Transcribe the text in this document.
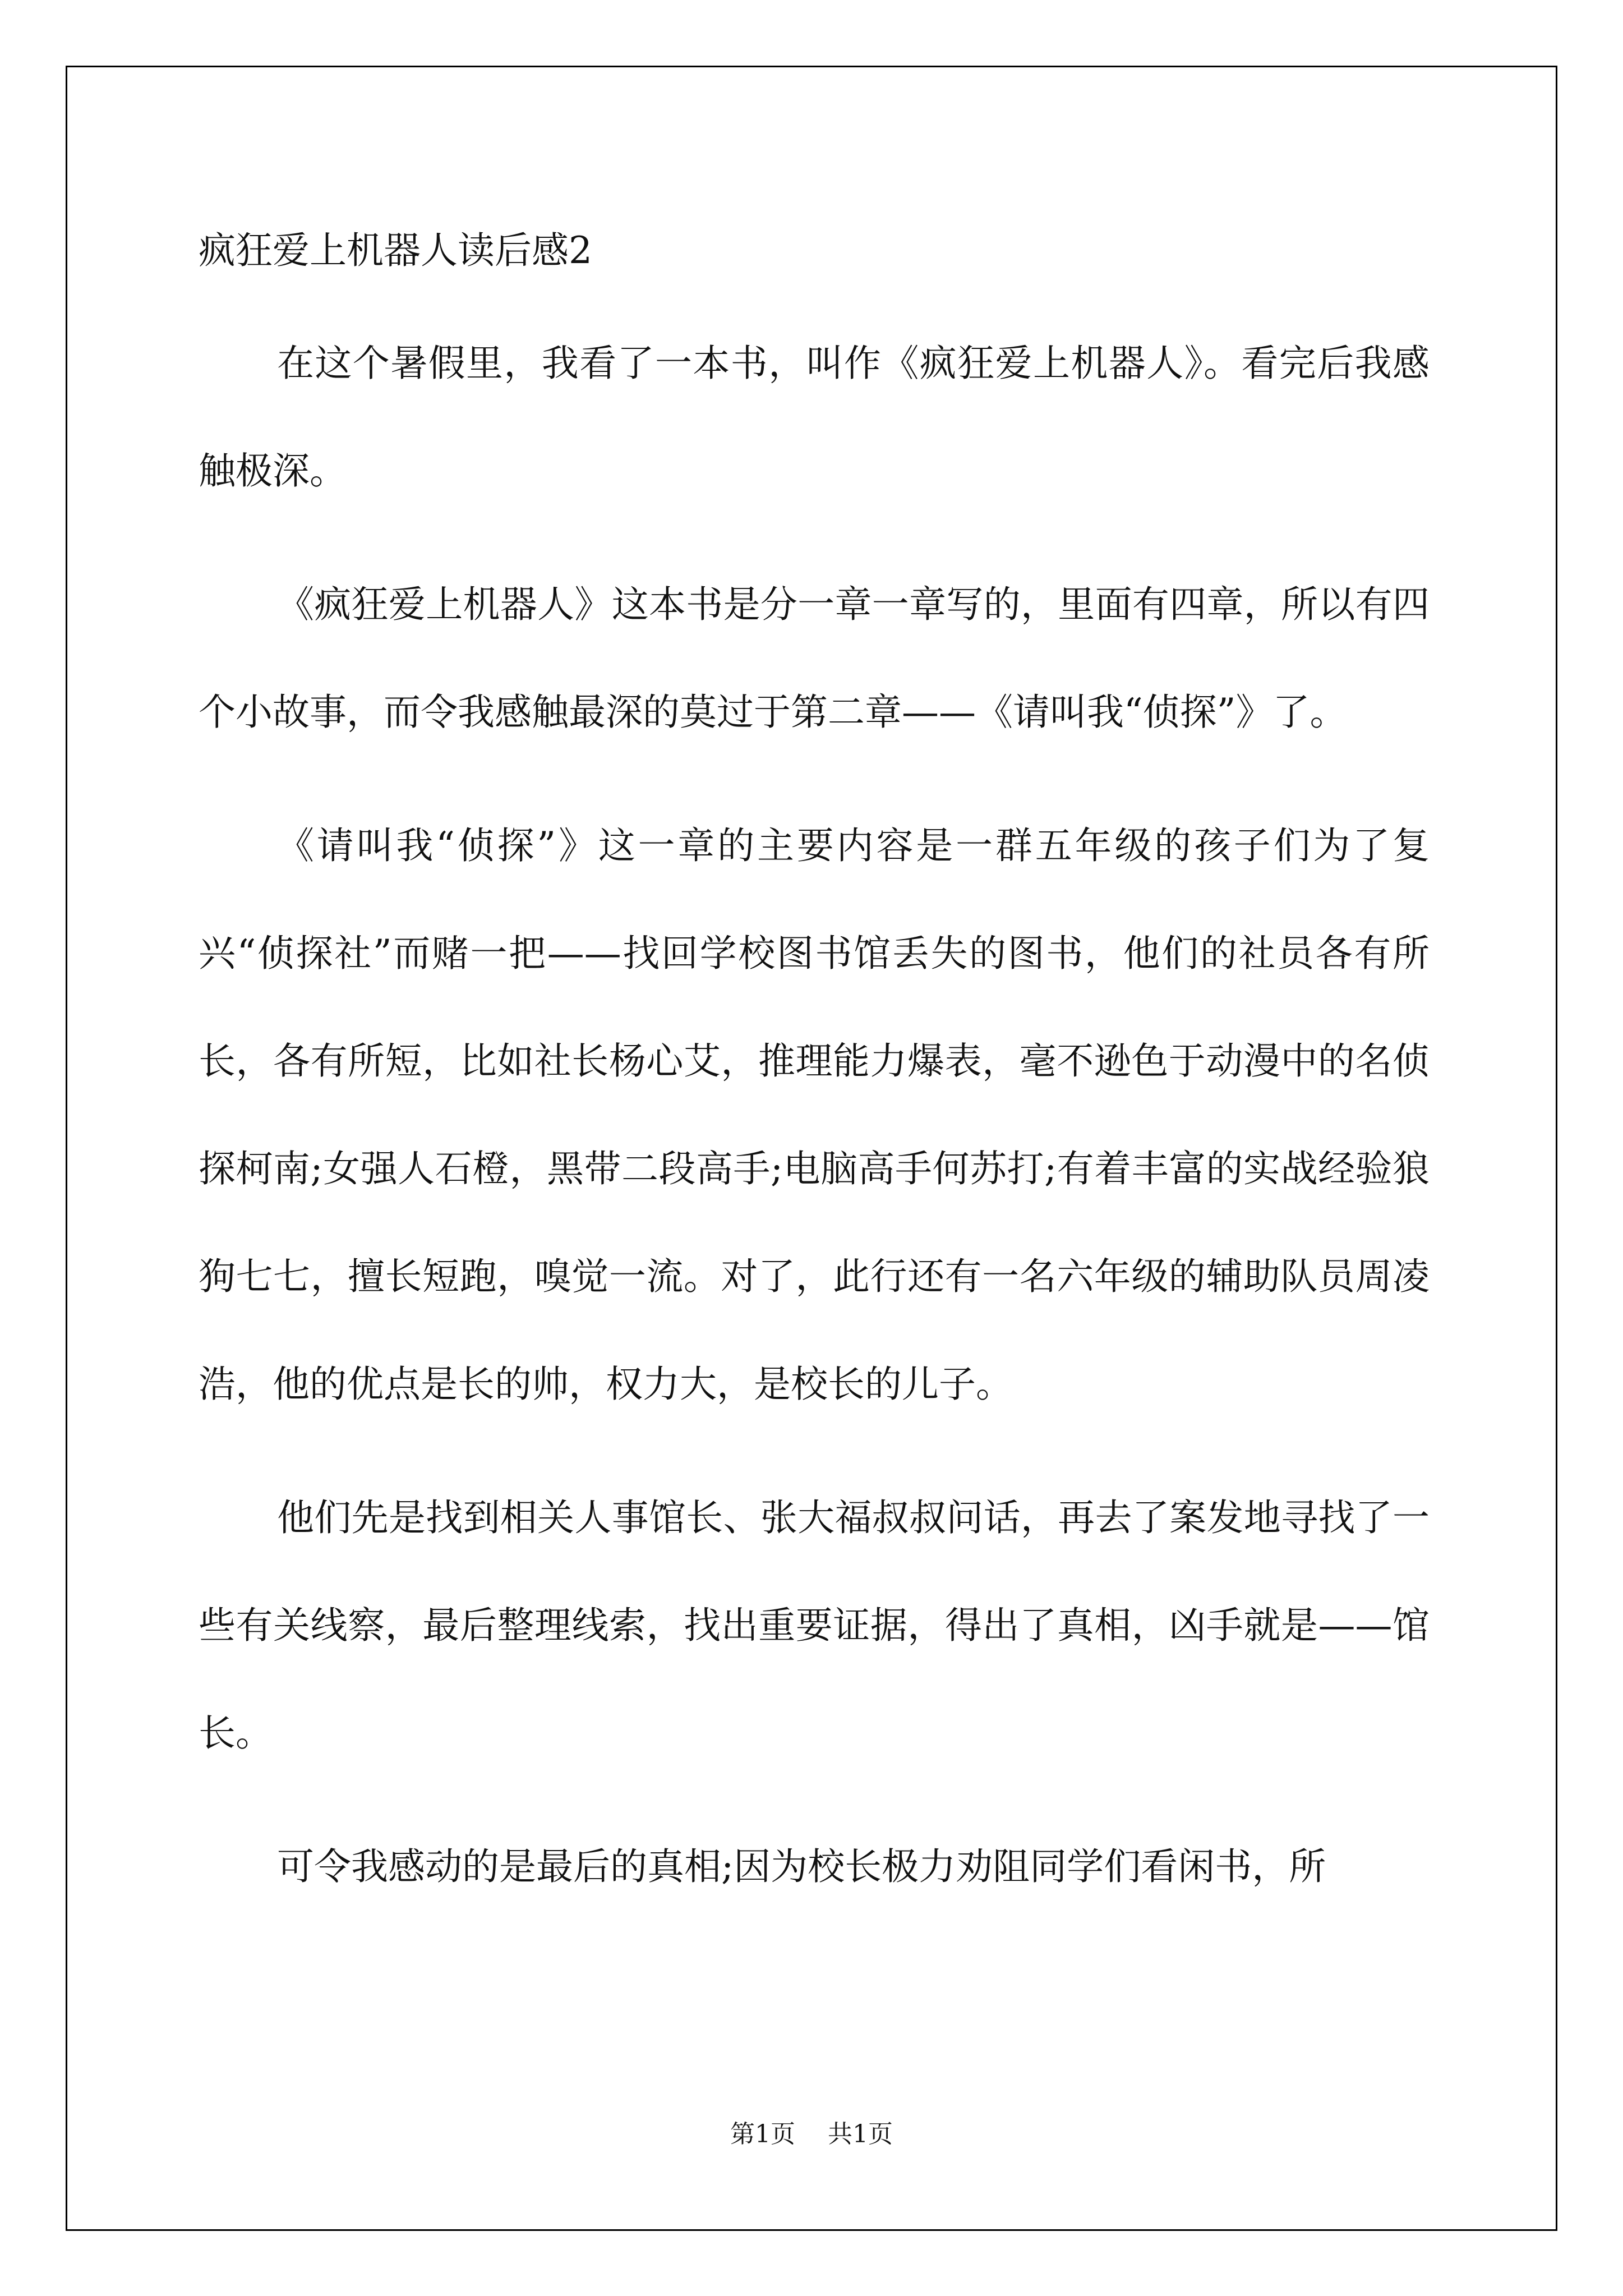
疯狂爱上机器人读后感2

在这个暑假里，我看了一本书，叫作《疯狂爱上机器人》。看完后我感触极深。

《疯狂爱上机器人》这本书是分一章一章写的，里面有四章，所以有四个小故事，而令我感触最深的莫过于第二章——《请叫我“侦探”》了。

《请叫我“侦探”》这一章的主要内容是一群五年级的孩子们为了复兴“侦探社”而赌一把——找回学校图书馆丢失的图书，他们的社员各有所长，各有所短，比如社长杨心艾，推理能力爆表，毫不逊色于动漫中的名侦探柯南;女强人石橙，黑带二段高手;电脑高手何苏打;有着丰富的实战经验狼狗七七，擅长短跑，嗅觉一流。对了，此行还有一名六年级的辅助队员周凌浩，他的优点是长的帅，权力大，是校长的儿子。

他们先是找到相关人事馆长、张大福叔叔问话，再去了案发地寻找了一些有关线察，最后整理线索，找出重要证据，得出了真相，凶手就是——馆长。

可令我感动的是最后的真相;因为校长极力劝阻同学们看闲书，所

第1页 共1页
